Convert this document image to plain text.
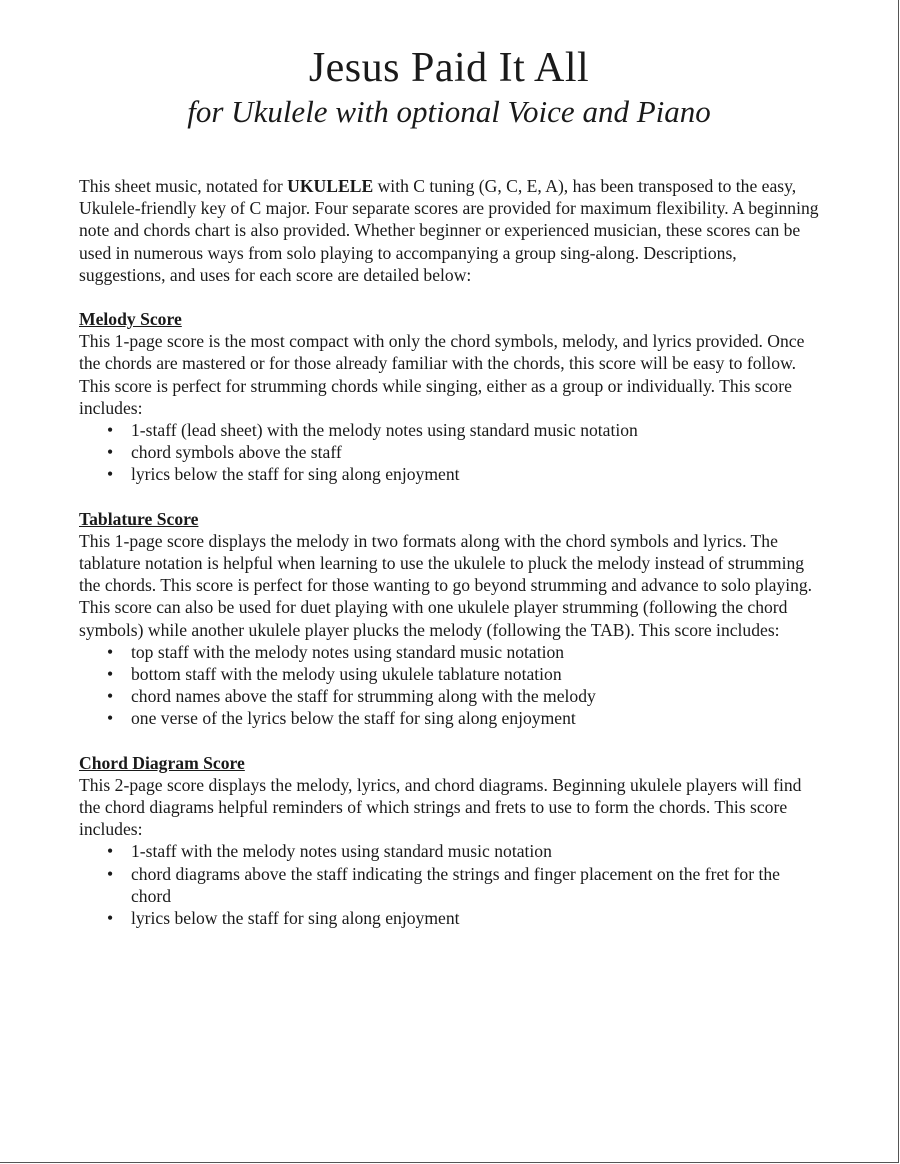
Jesus Paid It All
for Ukulele with optional Voice and Piano

This sheet music, notated for UKULELE with C tuning (G, C, E, A), has been transposed to the easy, Ukulele-friendly key of C major. Four separate scores are provided for maximum flexibility. A beginning note and chords chart is also provided. Whether beginner or experienced musician, these scores can be used in numerous ways from solo playing to accompanying a group sing-along. Descriptions, suggestions, and uses for each score are detailed below:

Melody Score

This 1-page score is the most compact with only the chord symbols, melody, and lyrics provided. Once the chords are mastered or for those already familiar with the chords, this score will be easy to follow. This score is perfect for strumming chords while singing, either as a group or individually. This score includes:

• 1-staff (lead sheet) with the melody notes using standard music notation
• chord symbols above the staff
• lyrics below the staff for sing along enjoyment

Tablature Score

This 1-page score displays the melody in two formats along with the chord symbols and lyrics. The tablature notation is helpful when learning to use the ukulele to pluck the melody instead of strumming the chords. This score is perfect for those wanting to go beyond strumming and advance to solo playing. This score can also be used for duet playing with one ukulele player strumming (following the chord symbols) while another ukulele player plucks the melody (following the TAB). This score includes:

• top staff with the melody notes using standard music notation
• bottom staff with the melody using ukulele tablature notation
• chord names above the staff for strumming along with the melody
• one verse of the lyrics below the staff for sing along enjoyment

Chord Diagram Score

This 2-page score displays the melody, lyrics, and chord diagrams. Beginning ukulele players will find the chord diagrams helpful reminders of which strings and frets to use to form the chords. This score includes:

• 1-staff with the melody notes using standard music notation
• chord diagrams above the staff indicating the strings and finger placement on the fret for the chord
• lyrics below the staff for sing along enjoyment
